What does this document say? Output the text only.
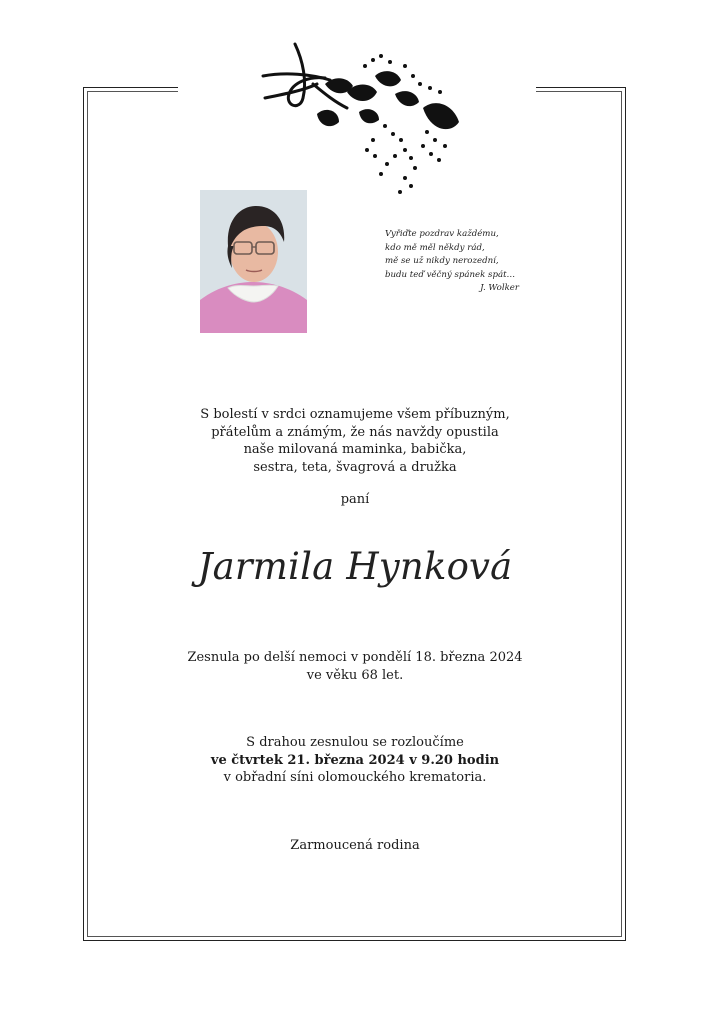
Vyřiďte pozdrav každému,
kdo mě měl někdy rád,
mě se už nikdy nerozední,
budu teď věčný spánek spát…
J. Wolker
S bolestí v srdci oznamujeme všem příbuzným,
přátelům a známým, že nás navždy opustila
naše milovaná maminka, babička,
sestra, teta, švagrová a družka
paní
Jarmila Hynková
Zesnula po delší nemoci v pondělí 18. března 2024
ve věku 68 let.
S drahou zesnulou se rozloučíme
ve čtvrtek 21. března 2024 v 9.20 hodin
v obřadní síni olomouckého krematoria.
Zarmoucená rodina
